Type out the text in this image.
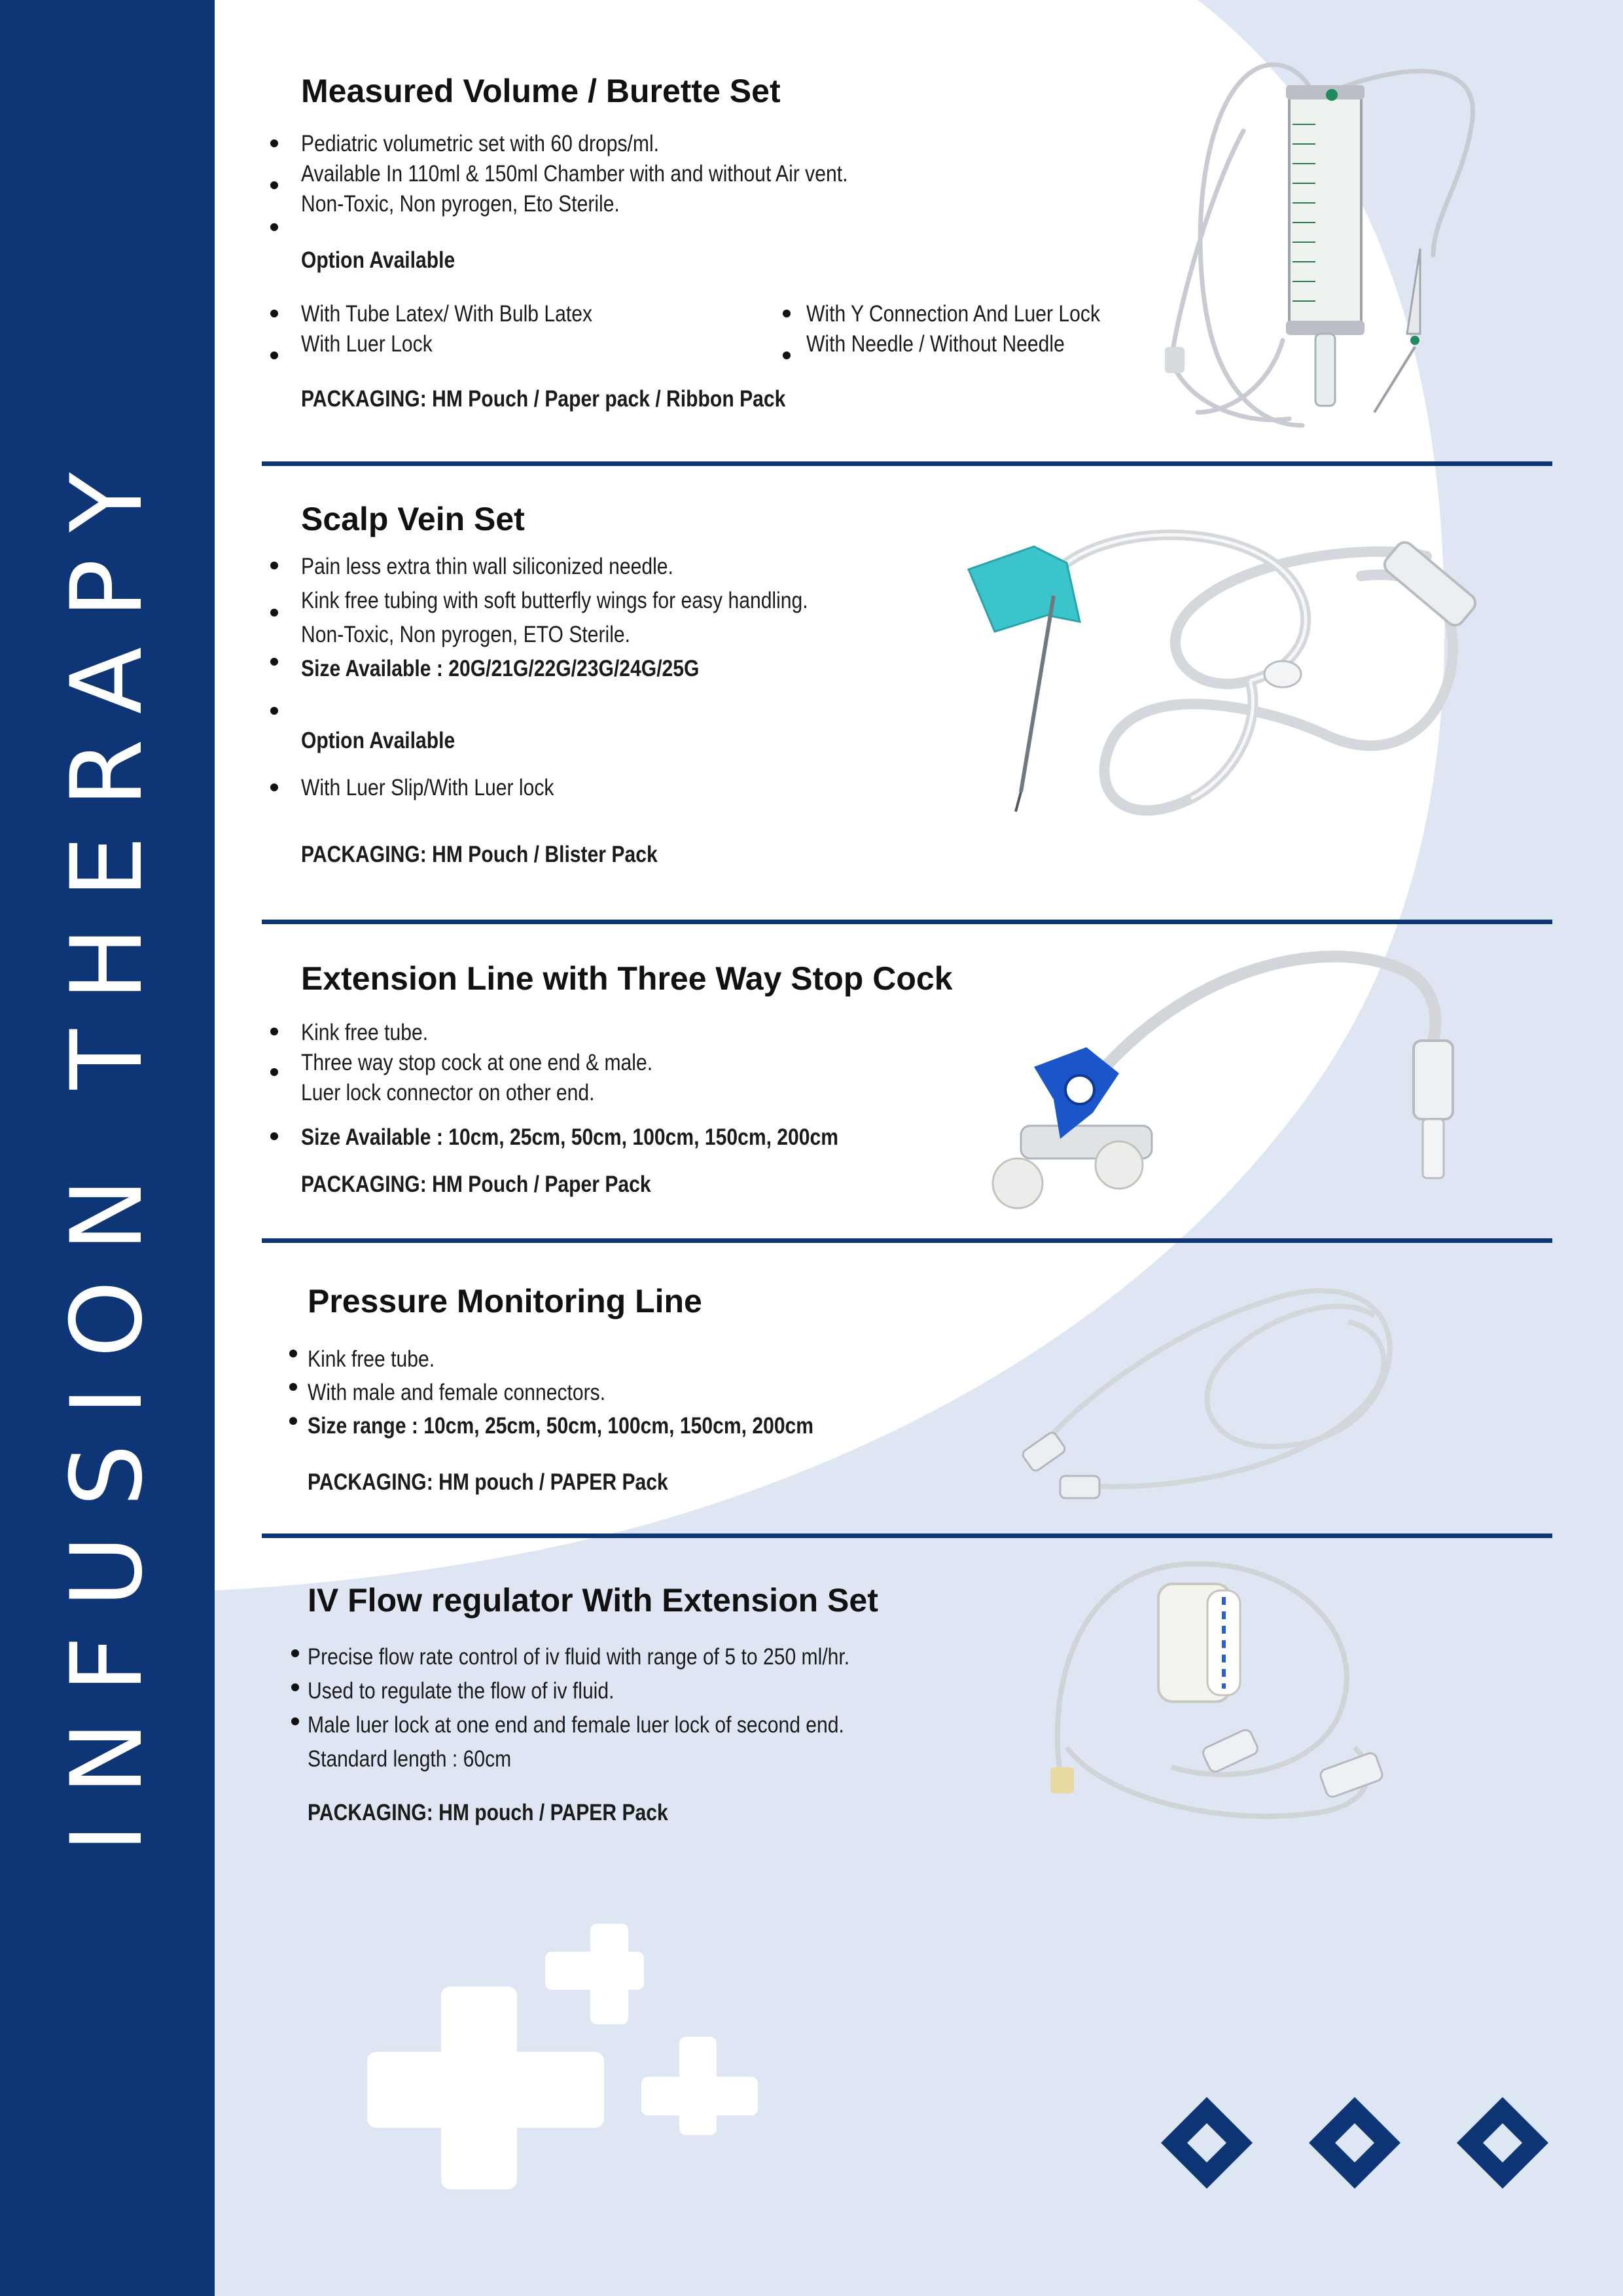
INFUSION THERAPY
Measured Volume / Burette Set
Pediatric volumetric set with 60 drops/ml.
Available In 110ml & 150ml Chamber with and without Air vent.
Non-Toxic, Non pyrogen, Eto Sterile.
Option Available
With Tube Latex/ With Bulb Latex
With Luer Lock
With Y Connection And Luer Lock
With Needle / Without Needle
PACKAGING: HM Pouch / Paper pack / Ribbon Pack
Scalp Vein Set
Pain less extra thin wall siliconized needle.
Kink free tubing with soft butterfly wings for easy handling.
Non-Toxic, Non pyrogen, ETO Sterile.
Size Available : 20G/21G/22G/23G/24G/25G
Option Available
With Luer Slip/With Luer lock
PACKAGING: HM Pouch / Blister Pack
Extension Line with Three Way Stop Cock
Kink free tube.
Three way stop cock at one end & male.
Luer lock connector on other end.
Size Available : 10cm, 25cm, 50cm, 100cm, 150cm, 200cm
PACKAGING: HM Pouch / Paper Pack
Pressure Monitoring Line
Kink free tube.
With male and female connectors.
Size range : 10cm, 25cm, 50cm, 100cm, 150cm, 200cm
PACKAGING: HM pouch / PAPER Pack
IV Flow regulator With Extension Set
Precise flow rate control of iv fluid with range of 5 to 250 ml/hr.
Used to regulate the flow of iv fluid.
Male luer lock at one end and female luer lock of second end.
Standard length : 60cm
PACKAGING: HM pouch / PAPER Pack
